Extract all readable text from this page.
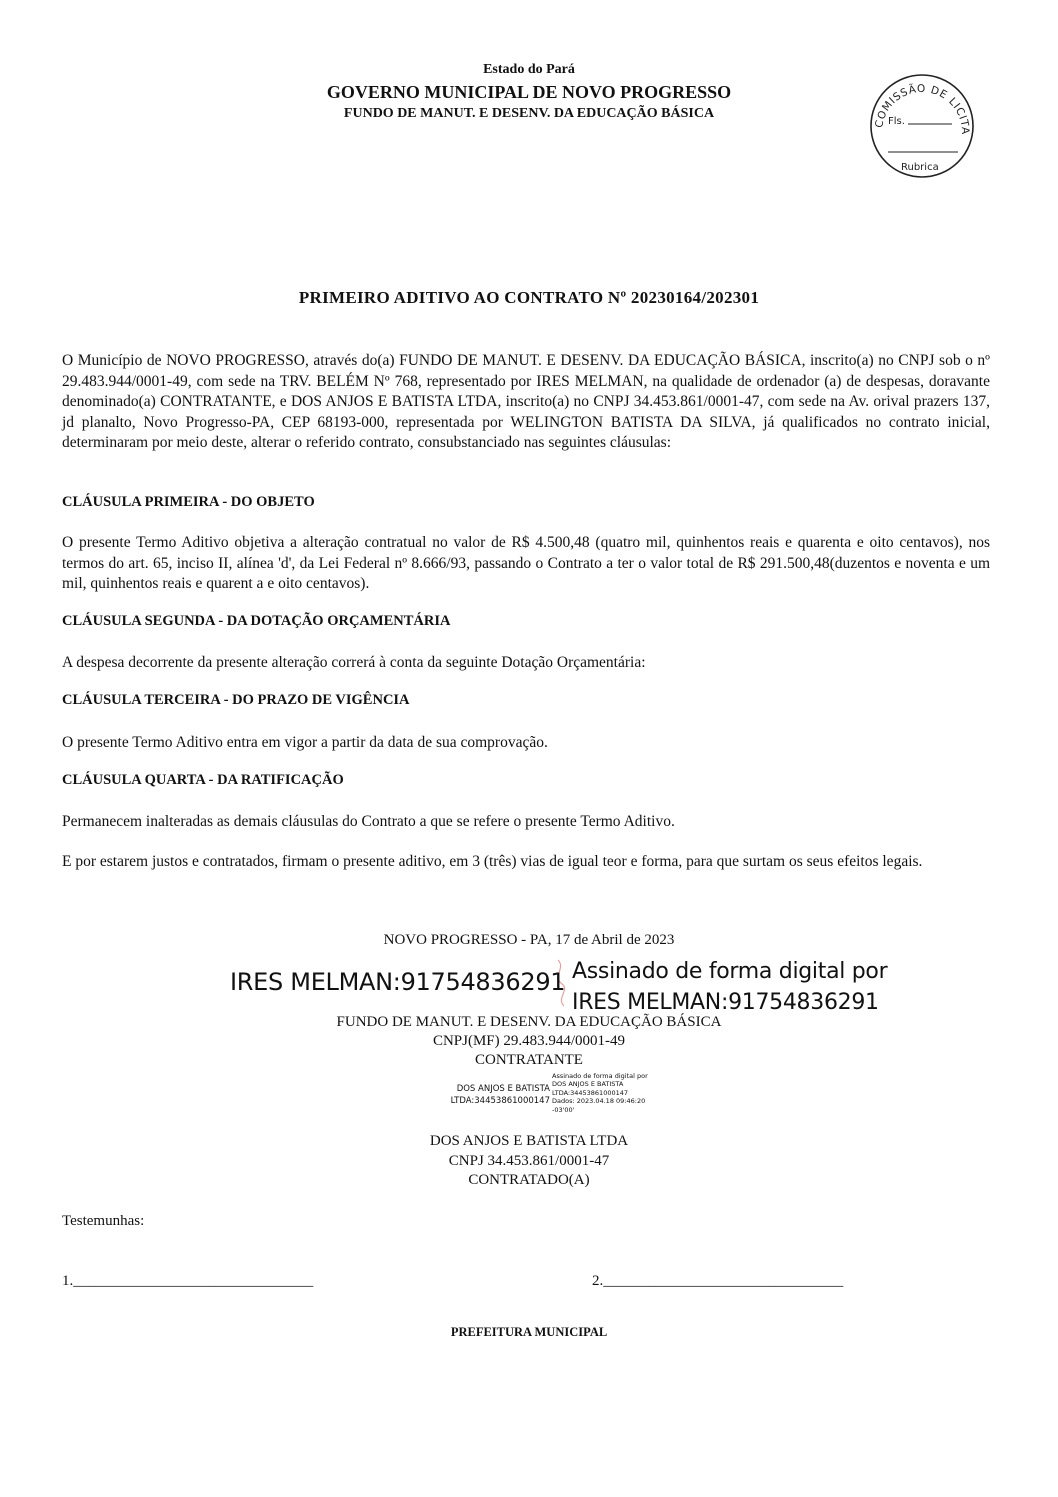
Estado do Pará
GOVERNO MUNICIPAL DE NOVO PROGRESSO
FUNDO DE MANUT. E DESENV. DA EDUCAÇÃO BÁSICA
COMISSÃO DE LICITA
Fls.
Rubrica
PRIMEIRO ADITIVO AO CONTRATO Nº 20230164/202301
O Município de NOVO PROGRESSO, através do(a) FUNDO DE MANUT. E DESENV. DA EDUCAÇÃO BÁSICA, inscrito(a) no CNPJ sob o nº 29.483.944/0001-49, com sede na TRV. BELÉM Nº 768, representado por IRES MELMAN, na qualidade de ordenador (a) de despesas, doravante denominado(a) CONTRATANTE, e DOS ANJOS E BATISTA LTDA, inscrito(a) no CNPJ 34.453.861/0001-47, com sede na Av. orival prazers 137, jd planalto, Novo Progresso-PA, CEP 68193-000, representada por WELINGTON BATISTA DA SILVA, já qualificados no contrato inicial, determinaram por meio deste, alterar o referido contrato, consubstanciado nas seguintes cláusulas:
CLÁUSULA PRIMEIRA - DO OBJETO
O presente Termo Aditivo objetiva a alteração contratual no valor de R$ 4.500,48 (quatro mil, quinhentos reais e quarenta e oito centavos), nos termos do art. 65, inciso II, alínea 'd', da Lei Federal nº 8.666/93, passando o Contrato a ter o valor total de R$ 291.500,48(duzentos e noventa e um mil, quinhentos reais e quarent a e oito centavos).
CLÁUSULA SEGUNDA - DA DOTAÇÃO ORÇAMENTÁRIA
A despesa decorrente da presente alteração correrá à conta da seguinte Dotação Orçamentária:
CLÁUSULA TERCEIRA - DO PRAZO DE VIGÊNCIA
O presente Termo Aditivo entra em vigor a partir da data de sua comprovação.
CLÁUSULA QUARTA - DA RATIFICAÇÃO
Permanecem inalteradas as demais cláusulas do Contrato a que se refere o presente Termo Aditivo.
E por estarem justos e contratados, firmam o presente aditivo, em 3 (três) vias de igual teor e forma, para que surtam os seus efeitos legais.
NOVO PROGRESSO - PA, 17 de Abril de 2023
IRES MELMAN:91754836291 Assinado de forma digital por
IRES MELMAN:91754836291
FUNDO DE MANUT. E DESENV. DA EDUCAÇÃO BÁSICA
CNPJ(MF) 29.483.944/0001-49
CONTRATANTE
DOS ANJOS E BATISTA
LTDA:34453861000147
Assinado de forma digital por
DOS ANJOS E BATISTA
LTDA:34453861000147
Dados: 2023.04.18 09:46:20
-03'00'
DOS ANJOS E BATISTA LTDA
CNPJ 34.453.861/0001-47
CONTRATADO(A)
Testemunhas:
1.________________________________	2.________________________________
PREFEITURA MUNICIPAL
